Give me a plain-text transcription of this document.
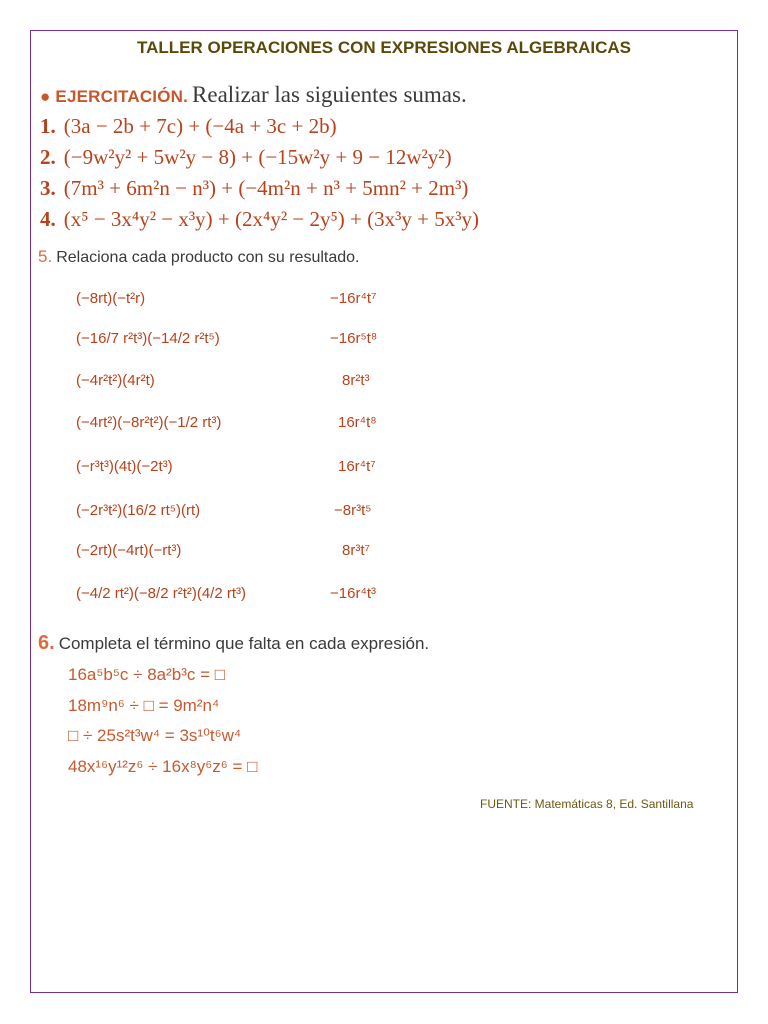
TALLER OPERACIONES CON EXPRESIONES ALGEBRAICAS
● EJERCITACIÓN. Realizar las siguientes sumas.
1. (3a − 2b + 7c) + (−4a + 3c + 2b)
2. (−9w²y² + 5w²y − 8) + (−15w²y + 9 − 12w²y²)
3. (7m³ + 6m²n − n³) + (−4m²n + n³ + 5mn² + 2m³)
4. (x⁵ − 3x⁴y² − x³y) + (2x⁴y² − 2y⁵) + (3x³y + 5x³y)
5. Relaciona cada producto con su resultado.
(−8rt)(−t²r)
(−16/7 r²t³)(−14/2 r²t⁵)
(−4r²t²)(4r²t)
(−4rt²)(−8r²t²)(−1/2 rt³)
(−r³t³)(4t)(−2t³)
(−2r³t²)(16/2 rt⁵)(rt)
(−2rt)(−4rt)(−rt³)
(−4/2 rt²)(−8/2 r²t²)(4/2 rt³)
−16r⁴t⁷
−16r⁵t⁸
8r²t³
16r⁴t⁸
16r⁴t⁷
−8r³t⁵
8r³t⁷
−16r⁴t³
6. Completa el término que falta en cada expresión.
16a⁵b⁵c ÷ 8a²b³c = □
18m⁹n⁶ ÷ □ = 9m²n⁴
□ ÷ 25s²t³w⁴ = 3s¹⁰t⁶w⁴
48x¹⁶y¹²z⁶ ÷ 16x⁸y⁶z⁶ = □
FUENTE: Matemáticas 8, Ed. Santillana
